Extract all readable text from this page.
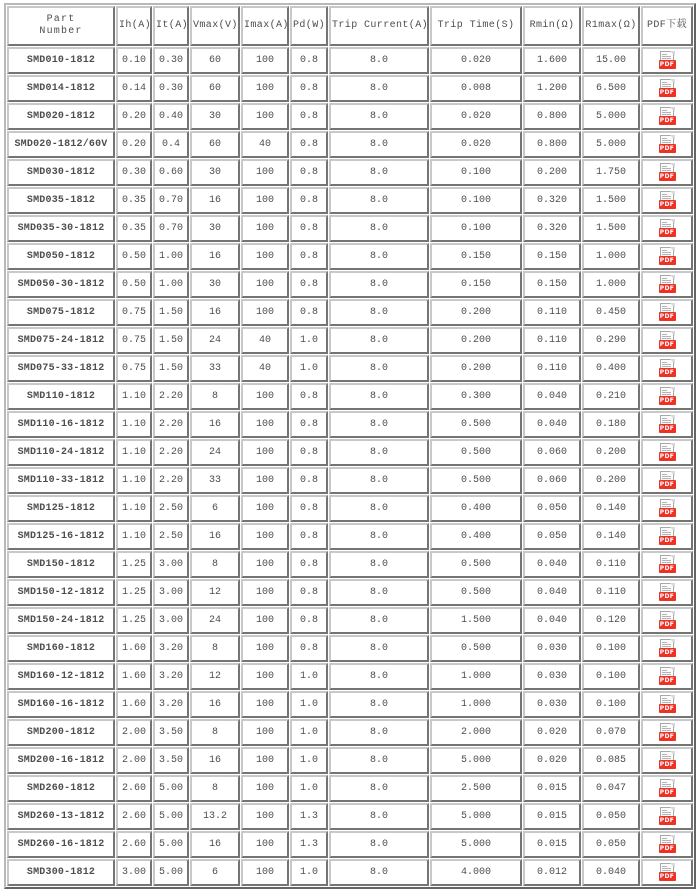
Part
Number	Ih(A)	It(A)	Vmax(V)	Imax(A)	Pd(W)	Trip Current(A)	Trip Time(S)	Rmin(Ω)	R1max(Ω)	PDF下载
SMD010-1812	0.10	0.30	60	100	0.8	8.0	0.020	1.600	15.00	PDF

SMD014-1812	0.14	0.30	60	100	0.8	8.0	0.008	1.200	6.500	PDF

SMD020-1812	0.20	0.40	30	100	0.8	8.0	0.020	0.800	5.000	PDF

SMD020-1812/60V	0.20	0.4	60	40	0.8	8.0	0.020	0.800	5.000	PDF

SMD030-1812	0.30	0.60	30	100	0.8	8.0	0.100	0.200	1.750	PDF

SMD035-1812	0.35	0.70	16	100	0.8	8.0	0.100	0.320	1.500	PDF

SMD035-30-1812	0.35	0.70	30	100	0.8	8.0	0.100	0.320	1.500	PDF

SMD050-1812	0.50	1.00	16	100	0.8	8.0	0.150	0.150	1.000	PDF

SMD050-30-1812	0.50	1.00	30	100	0.8	8.0	0.150	0.150	1.000	PDF

SMD075-1812	0.75	1.50	16	100	0.8	8.0	0.200	0.110	0.450	PDF

SMD075-24-1812	0.75	1.50	24	40	1.0	8.0	0.200	0.110	0.290	PDF

SMD075-33-1812	0.75	1.50	33	40	1.0	8.0	0.200	0.110	0.400	PDF

SMD110-1812	1.10	2.20	8	100	0.8	8.0	0.300	0.040	0.210	PDF

SMD110-16-1812	1.10	2.20	16	100	0.8	8.0	0.500	0.040	0.180	PDF

SMD110-24-1812	1.10	2.20	24	100	0.8	8.0	0.500	0.060	0.200	PDF

SMD110-33-1812	1.10	2.20	33	100	0.8	8.0	0.500	0.060	0.200	PDF

SMD125-1812	1.10	2.50	6	100	0.8	8.0	0.400	0.050	0.140	PDF

SMD125-16-1812	1.10	2.50	16	100	0.8	8.0	0.400	0.050	0.140	PDF

SMD150-1812	1.25	3.00	8	100	0.8	8.0	0.500	0.040	0.110	PDF

SMD150-12-1812	1.25	3.00	12	100	0.8	8.0	0.500	0.040	0.110	PDF

SMD150-24-1812	1.25	3.00	24	100	0.8	8.0	1.500	0.040	0.120	PDF

SMD160-1812	1.60	3.20	8	100	0.8	8.0	0.500	0.030	0.100	PDF

SMD160-12-1812	1.60	3.20	12	100	1.0	8.0	1.000	0.030	0.100	PDF

SMD160-16-1812	1.60	3.20	16	100	1.0	8.0	1.000	0.030	0.100	PDF

SMD200-1812	2.00	3.50	8	100	1.0	8.0	2.000	0.020	0.070	PDF

SMD200-16-1812	2.00	3.50	16	100	1.0	8.0	5.000	0.020	0.085	PDF

SMD260-1812	2.60	5.00	8	100	1.0	8.0	2.500	0.015	0.047	PDF

SMD260-13-1812	2.60	5.00	13.2	100	1.3	8.0	5.000	0.015	0.050	PDF

SMD260-16-1812	2.60	5.00	16	100	1.3	8.0	5.000	0.015	0.050	PDF

SMD300-1812	3.00	5.00	6	100	1.0	8.0	4.000	0.012	0.040	PDF
